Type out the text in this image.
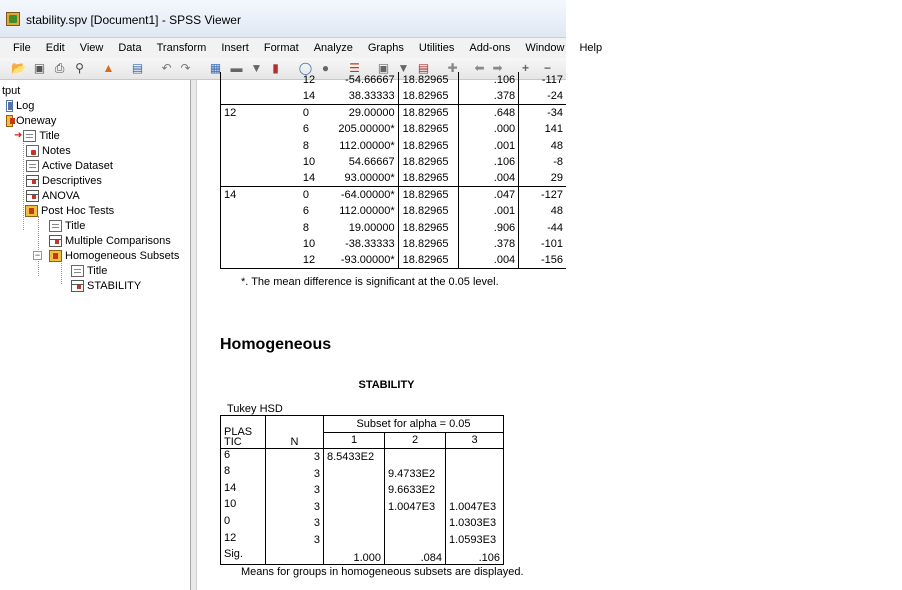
stability.spv [Document1] - SPSS Viewer
File Edit View Data Transform Insert Format Analyze Graphs Utilities Add-ons Window Help
📂 ▣ ⎙ ⚲ ▲ ▤ ↶ ↷ ▦ ▬ ▼ ▮	◯ ●	☰ ▣ ▼ ▤ ✚ ⬅ ➡	+	−
tput
Log
Oneway
➜ Title
Notes
Active Dataset
Descriptives
ANOVA
Post Hoc Tests
Title
Multiple Comparisons
− Homogeneous Subsets
Title
STABILITY
	12	-54.66667	18.82965	.106	-117
	14	38.33333	18.82965	.378	-24
12	0	29.00000	18.82965	.648	-34
	6	205.00000*	18.82965	.000	141
	8	112.00000*	18.82965	.001	48
	10	54.66667	18.82965	.106	-8
	14	93.00000*	18.82965	.004	29
14	0	-64.00000*	18.82965	.047	-127
	6	112.00000*	18.82965	.001	48
	8	19.00000	18.82965	.906	-44
	10	-38.33333	18.82965	.378	-101
	12	-93.00000*	18.82965	.004	-156
*. The mean difference is significant at the 0.05 level.
Homogeneous
STABILITY
Tukey HSD
PLAS
TIC	N	Subset for alpha = 0.05		
		1	2	3
6	3	8.5433E2		
8	3		9.4733E2	
14	3		9.6633E2	
10	3		1.0047E3	1.0047E3
0	3			1.0303E3
12	3			1.0593E3
Sig.		1.000	.084	.106
Means for groups in homogeneous subsets are displayed.
